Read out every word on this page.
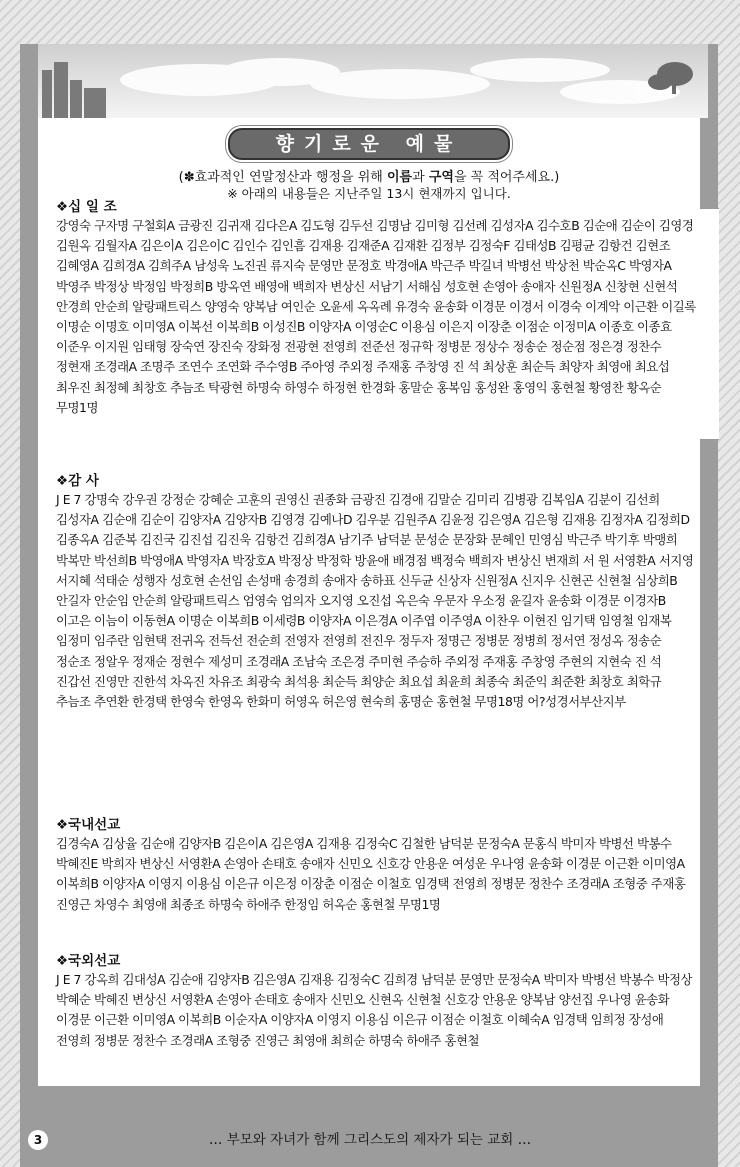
향기로운 예물
(✽효과적인 연말정산과 행정을 위해 이름과 구역을 꼭 적어주세요.)
※ 아래의 내용들은 지난주일 13시 현재까지 입니다.
❖십 일 조
강영숙 구자명 구철회A 금광진 김귀재 김다은A 김도형 김두선 김명남 김미형 김선례 김성자A 김수호B 김순애 김순이 김영경 김원옥 김월자A 김은이A 김은이C 김인수 김인흠 김재용 김재준A 김재환 김정부 김정숙F 김태성B 김평균 김항건 김현조 김혜영A 김희경A 김희주A 남성욱 노진권 류지숙 문영만 문정호 박경애A 박근주 박길녀 박병선 박상천 박순옥C 박영자A 박영주 박정상 박정임 박정희B 방옥연 배영애 백희자 변상신 서남기 서해심 성호현 손영아 송애자 신원정A 신창현 신현석 안경희 안순희 알랑패트릭스 양영숙 양복남 여인순 오윤세 옥옥례 유경숙 윤송화 이경문 이경서 이경숙 이계악 이근환 이길록 이명순 이명호 이미영A 이복선 이복희B 이성진B 이양자A 이영순C 이용심 이은지 이장춘 이점순 이정미A 이종호 이종효 이준우 이지원 임태형 장숙연 장진숙 장화정 전광현 전영희 전준선 정규학 정병문 정상수 정송순 정순점 정은경 정찬수 정현재 조경래A 조명주 조연수 조연화 주수영B 주아영 주외정 주재홍 주창영 진 석 최상훈 최순득 최양자 최영애 최요섭 최우진 최정혜 최창호 추늠조 탁광현 하명숙 하영수 하정현 한경화 홍말순 홍복임 홍성완 홍영익 홍현철 황영찬 황옥순 무명1명
❖감 사
J E 7 강명숙 강우권 강정순 강혜순 고훈의 권영신 권종화 금광진 김경애 김말순 김미리 김병광 김복임A 김분이 김선희 김성자A 김순애 김순이 김양자A 김양자B 김영경 김예나D 김우분 김원주A 김윤정 김은영A 김은형 김재용 김정자A 김정희D 김종옥A 김준복 김진국 김진섭 김진욱 김항건 김희경A 남기주 남덕분 문성순 문장화 문혜인 민영심 박근주 박기후 박맹희 박복만 박선희B 박영애A 박영자A 박장호A 박정상 박정학 방윤애 배경점 백정숙 백희자 변상신 변재희 서 원 서영환A 서지영 서지혜 석태순 성행자 성호현 손선임 손성매 송경희 송애자 송하표 신두균 신상자 신원정A 신지우 신현곤 신현철 심상희B 안길자 안순임 안순희 알랑패트릭스 엄영숙 엄의자 오지영 오진섭 옥은숙 우문자 우소정 윤길자 윤송화 이경문 이경자B 이고은 이늠이 이동현A 이명순 이복희B 이세령B 이양자A 이은경A 이주엽 이주영A 이찬우 이현진 임기택 임영철 임재복 임정미 임주란 임현택 전귀옥 전득선 전순희 전영자 전영희 전진우 정두자 정명근 정병문 정병희 정서연 정성옥 정송순 정순조 정알우 정재순 정현수 제성미 조경래A 조남숙 조은경 주미현 주승하 주외정 주재홍 주창영 주현의 지현숙 진 석 진갑선 진영만 진한석 차옥진 차유조 최광숙 최석용 최순득 최양순 최요섭 최윤희 최종숙 최준익 최준환 최창호 최학규 추늠조 추연환 한경택 한영숙 한영옥 한화미 허영옥 허은영 현숙희 홍명순 홍현철 무명18명 어?성경서부산지부
❖국내선교
김경숙A 김상율 김순애 김양자B 김은이A 김은영A 김재용 김정숙C 김철한 남덕분 문정숙A 문홍식 박미자 박병선 박봉수 박혜진E 박희자 변상신 서영환A 손영아 손태호 송애자 신민오 신호강 안용운 여성운 우나영 윤송화 이경문 이근환 이미영A 이복희B 이양자A 이영지 이용심 이은규 이은정 이장춘 이점순 이철호 임경택 전영희 정병문 정찬수 조경래A 조형중 주재홍 진영근 차영수 최영애 최종조 하명숙 하애주 한정임 허옥순 홍현철 무명1명
❖국외선교
J E 7 강옥희 김대성A 김순애 김양자B 김은영A 김재용 김정숙C 김희경 남덕분 문영만 문정숙A 박미자 박병선 박봉수 박정상 박혜순 박혜진 변상신 서영환A 손영아 손태호 송애자 신민오 신현옥 신현철 신호강 안용운 양복남 양선집 우나영 윤송화 이경문 이근환 이미영A 이복희B 이순자A 이양자A 이영지 이용심 이은규 이점순 이철호 이혜숙A 임경택 임희정 장성애 전영희 정병문 정찬수 조경래A 조형중 진영근 최영애 최희순 하명숙 하애주 홍현철
3	… 부모와 자녀가 함께 그리스도의 제자가 되는 교회 …
